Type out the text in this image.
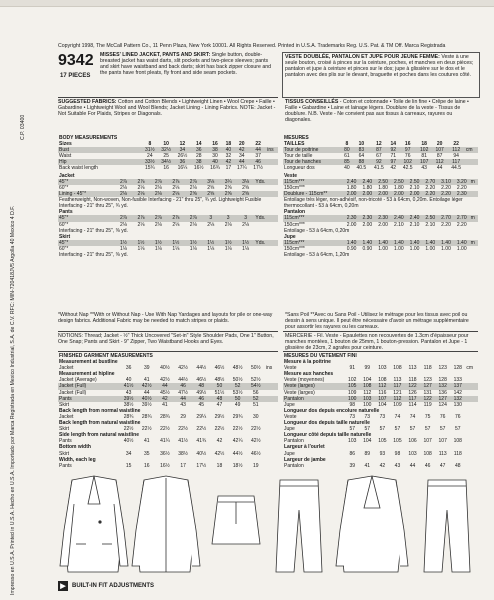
Copyright 1998, The McCall Pattern Co., 11 Penn Plaza, New York 10001. All Rights Reserved. Printed in U.S.A. Trademarks Reg. U.S. Pat. & TM Off. Marca Registrada
Impresso en U.S.A. Printed in U.S.A. Hecho en U.S.A. Importado por Marca Registrada en Mexico Industrial, S.A. de C.V. RFC: MIN-720418JV5 Argolla 40 Mexico 4 D.F.
C.P. 03400
9342
17 PIECES
MISSES' LINED JACKET, PANTS AND SKIRT: Single button, double-breasted jacket has waist darts, slit pockets and two-piece sleeves; pants and skirt have waistband and back darts; skirt has back zipper closure and the pants have front pleats, fly front and side seam pockets.
SUGGESTED FABRICS: Cotton and Cotton Blends • Lightweight Linen • Wool Crepe • Faille • Gabardine • Lightweight Wool and Wool Blends; Jacket Lining - Lining Fabrics. NOTE: Jacket - Not Suitable For Plaids, Stripes or Diagonals.
BODY MEASUREMENTS									
Sizes	8	10	12	14	16	18	20	22	
Bust	31½	32½	34	36	38	40	42	44	ins
Waist	24	25	26½	28	30	32	34	37	
Hip	33½	34½	36	38	40	42	44	46	
Back waist length	15¾	16	16¼	16½	16¾	17	17¼	17½	
Jacket									
45"*	2⅞	2⅞	2⅞	2⅞	2⅞	3⅛	3¼	3⅛	Yds.
60"*	2⅛	2⅛	2⅛	2⅛	2⅛	2⅝	2⅝	2⅝	
Lining - 45"*	2⅛	2⅛	2⅛	2⅛	2⅝	2⅝	2⅝	2⅝	
Featherweight, Non-woven, Non-fusible Interfacing - 21" thru 25", ¾ yd. Lightweight Fusible Interfacing - 21" thru 25", ¾ yd.									
Pants									
45"*	2⅞	2⅞	2⅞	2⅞	2⅞	3	3	3	Yds.
60"*	2⅛	2⅛	2⅛	2⅛	2⅛	2⅛	2⅛	2⅛	
Interfacing - 21" thru 25", ⅜ yd.									
Skirt									
45"*	1½	1½	1½	1½	1½	1½	1½	1½	Yds.
60"*	1⅛	1⅛	1⅛	1⅛	1⅛	1⅛	1⅛	1⅛	
Interfacing - 21" thru 25", ⅜ yd.									
*Without Nap **With or Without Nap - Use With Nap Yardages and layouts for pile or one-way design fabrics. Additional Fabric may be needed to match stripes or plaids.
NOTIONS: Thread; Jacket - ½" Thick Uncovered "Set-in" Style Shoulder Pads, One 1" Button, One Snap; Pants and Skirt - 9" Zipper, Two Waistband Hooks and Eyes.
FINISHED GARMENT MEASUREMENTS									
Measurement at bustline									
Jacket	36	39	40½	42½	44½	46½	48½	50½	ins
Measurement at hipline									
Jacket (Average)	40	41	42½	44½	46½	48½	50½	52½	
Jacket (Full)	41½	42½	44	46	48	50	52	54½	
Jacket (Full)	43	44	45½	47½	49½	51½	53½	56	
Pants	39½	40½	42	44	46	48	50	52	
Skirt	38½	39½	41	43	45	47	49	51	
Back length from normal waistline									
Jacket	28¾	28¾	28¾	29	29¼	29½	29¾	30	
Back length from natural waistline									
Skirt	22½	22½	22½	22½	22½	22½	22½	22½	
Side length from natural waistline									
Pants	40½	41	41¼	41½	41¾	42	42¼	42½	
Bottom width									
Skirt	34	35	36½	38½	40½	42½	44½	46½	
Width, each leg									
Pants	15	16	16½	17	17½	18	18½	19	
VESTE DOUBLÉE, PANTALON ET JUPE POUR JEUNE FEMME: Veste à une seule bouton, croisé à pinces sur la ceinture, poches, et manches en deux pièces; pantalon et jupe à ceinture et pinces sur le dos; jupe à glissière sur le dos et le pantalon avec des plis sur le devant, braguette et poches dans les coutures côté.
TISSUS CONSEILLÉS - Coton et cotonnade • Toile de lin fine • Crêpe de laine • Faille • Gabardine • Laine et lainage légers. Doublure de la veste - Tissus de doublure. N.B. Veste - Ne convient pas aux tissus à carreaux, rayures ou diagonales.
MESURES									
TAILLES	8	10	12	14	16	18	20	22	
Tour de poitrine	80	83	87	92	97	102	107	112	cm
Tour de taille	61	64	67	71	76	81	87	94	
Tour de hanches	85	88	92	97	102	107	112	117	
Longueur dos	40	40.5	41.5	42	42.5	43	44	44.5	
Veste									
115cm***	2.40	2.40	2.50	2.50	2.50	2.70	3.10	3.20	m
150cm***	1.80	1.80	1.80	1.80	2.10	2.20	2.20	2.20	
Doublure - 115cm**	2.00	2.00	2.00	2.00	2.00	2.20	2.20	2.30	
Entoilage très léger, non-adhésif, non-tricoté - 53 à 64cm, 0,20m. Entoilage léger thermocollant - 53 à 64cm, 0,20m									
Pantalon									
115cm***	2.30	2.30	2.30	2.40	2.40	2.50	2.70	2.70	m
150cm***	2.00	2.00	2.00	2.10	2.10	2.10	2.20	2.20	
Entoilage - 53 à 64cm, 0,20m									
Jupe									
115cm***	1.40	1.40	1.40	1.40	1.40	1.40	1.40	1.40	m
150cm***	0.90	0.90	1.00	1.00	1.00	1.00	1.00	1.00	
Entoilage - 53 à 64cm, 1,20m									
*Sans Poil **Avec ou Sans Poil - Utilisez le métrage pour les tissus avec poil ou dessin à sens unique. Il peut être nécessaire d'avoir un métrage supplémentaire pour assortir les rayures ou les carreaux.
MERCERIE - Fil. Veste - Epaulettes non recouvertes de 1.3cm d'épaisseur pour manches montées, 1 bouton de 25mm, 1 bouton-pression. Pantalon et Jupe - 1 glissière de 23cm, 2 agrafes pour ceinture.
MESURES DU VETEMENT FINI									
Mesure à la poitrine									
Veste	91	99	103	108	113	118	123	128	cm
Mesure aux hanches									
Veste (moyennes)	102	104	108	113	118	123	128	133	
Veste (larges)	105	108	112	117	122	127	132	137	
Veste (larges)	109	112	116	121	126	131	136	142	
Pantalon	100	103	107	112	117	122	127	132	
Jupe	98	100	104	109	114	119	124	130	
Longueur dos depuis encolure naturelle									
Veste	73	73	73	74	74	75	76	76	
Longueur dos depuis taille naturelle									
Jupe	57	57	57	57	57	57	57	57	
Longueur côté depuis taille naturelle									
Pantalon	103	104	105	105	106	107	107	108	
Largeur à l'ourlet									
Jupe	86	89	93	98	103	108	113	118	
Largeur de jambe									
Pantalon	39	41	42	43	44	46	47	48	
▶	BUILT-IN FIT ADJUSTMENTS
